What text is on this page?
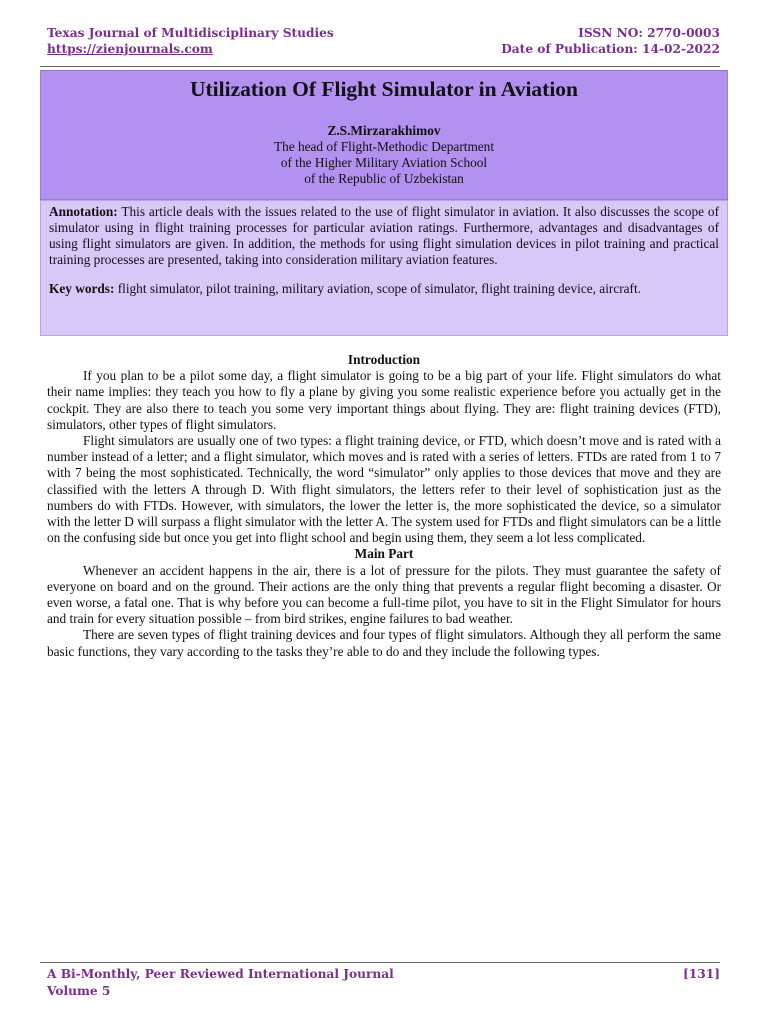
Texas Journal of Multidisciplinary Studies
https://zienjournals.com
ISSN NO: 2770-0003
Date of Publication: 14-02-2022
Utilization Of Flight Simulator in Aviation
Z.S.Mirzarakhimov
The head of Flight-Methodic Department
of the Higher Military Aviation School
of the Republic of Uzbekistan

Annotation: This article deals with the issues related to the use of flight simulator in aviation. It also discusses the scope of simulator using in flight training processes for particular aviation ratings. Furthermore, advantages and disadvantages of using flight simulators are given. In addition, the methods for using flight simulation devices in pilot training and practical training processes are presented, taking into consideration military aviation features.

Key words: flight simulator, pilot training, military aviation, scope of simulator, flight training device, aircraft.

Introduction

If you plan to be a pilot some day, a flight simulator is going to be a big part of your life. Flight simulators do what their name implies: they teach you how to fly a plane by giving you some realistic experience before you actually get in the cockpit. They are also there to teach you some very important things about flying. They are: flight training devices (FTD), simulators, other types of flight simulators.

Flight simulators are usually one of two types: a flight training device, or FTD, which doesn’t move and is rated with a number instead of a letter; and a flight simulator, which moves and is rated with a series of letters. FTDs are rated from 1 to 7 with 7 being the most sophisticated. Technically, the word “simulator” only applies to those devices that move and they are classified with the letters A through D. With flight simulators, the letters refer to their level of sophistication just as the numbers do with FTDs. However, with simulators, the lower the letter is, the more sophisticated the device, so a simulator with the letter D will surpass a flight simulator with the letter A. The system used for FTDs and flight simulators can be a little on the confusing side but once you get into flight school and begin using them, they seem a lot less complicated.

Main Part

Whenever an accident happens in the air, there is a lot of pressure for the pilots. They must guarantee the safety of everyone on board and on the ground. Their actions are the only thing that prevents a regular flight becoming a disaster. Or even worse, a fatal one. That is why before you can become a full-time pilot, you have to sit in the Flight Simulator for hours and train for every situation possible – from bird strikes, engine failures to bad weather.

There are seven types of flight training devices and four types of flight simulators. Although they all perform the same basic functions, they vary according to the tasks they’re able to do and they include the following types.

A Bi-Monthly, Peer Reviewed International Journal
Volume 5
[131]
